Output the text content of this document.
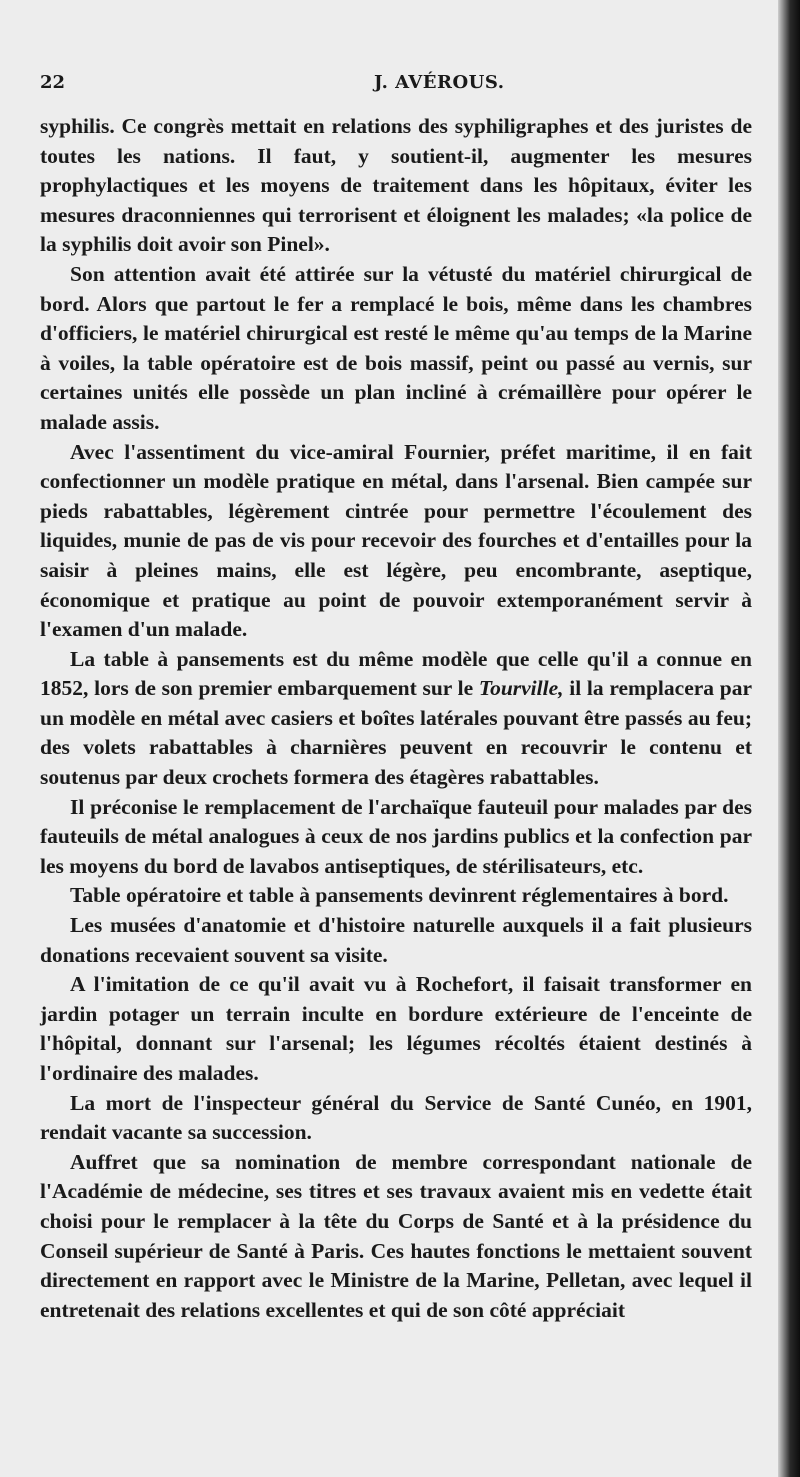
22	J. AVÉROUS.

syphilis. Ce congrès mettait en relations des syphiligraphes et des juristes de toutes les nations. Il faut, y soutient-il, augmenter les mesures prophylactiques et les moyens de traitement dans les hôpitaux, éviter les mesures draconniennes qui terrorisent et éloignent les malades; «la police de la syphilis doit avoir son Pinel».

Son attention avait été attirée sur la vétusté du matériel chirurgical de bord. Alors que partout le fer a remplacé le bois, même dans les chambres d'officiers, le matériel chirurgical est resté le même qu'au temps de la Marine à voiles, la table opératoire est de bois massif, peint ou passé au vernis, sur certaines unités elle possède un plan incliné à crémaillère pour opérer le malade assis.

Avec l'assentiment du vice-amiral Fournier, préfet maritime, il en fait confectionner un modèle pratique en métal, dans l'arsenal. Bien campée sur pieds rabattables, légèrement cintrée pour permettre l'écoulement des liquides, munie de pas de vis pour recevoir des fourches et d'entailles pour la saisir à pleines mains, elle est légère, peu encombrante, aseptique, économique et pratique au point de pouvoir extemporanément servir à l'examen d'un malade.

La table à pansements est du même modèle que celle qu'il a connue en 1852, lors de son premier embarquement sur le Tourville, il la remplacera par un modèle en métal avec casiers et boîtes latérales pouvant être passés au feu; des volets rabattables à charnières peuvent en recouvrir le contenu et soutenus par deux crochets formera des étagères rabattables.

Il préconise le remplacement de l'archaïque fauteuil pour malades par des fauteuils de métal analogues à ceux de nos jardins publics et la confection par les moyens du bord de lavabos antiseptiques, de stérilisateurs, etc.

Table opératoire et table à pansements devinrent réglementaires à bord.

Les musées d'anatomie et d'histoire naturelle auxquels il a fait plusieurs donations recevaient souvent sa visite.

A l'imitation de ce qu'il avait vu à Rochefort, il faisait transformer en jardin potager un terrain inculte en bordure extérieure de l'enceinte de l'hôpital, donnant sur l'arsenal; les légumes récoltés étaient destinés à l'ordinaire des malades.

La mort de l'inspecteur général du Service de Santé Cunéo, en 1901, rendait vacante sa succession.

Auffret que sa nomination de membre correspondant nationale de l'Académie de médecine, ses titres et ses travaux avaient mis en vedette était choisi pour le remplacer à la tête du Corps de Santé et à la présidence du Conseil supérieur de Santé à Paris. Ces hautes fonctions le mettaient souvent directement en rapport avec le Ministre de la Marine, Pelletan, avec lequel il entretenait des relations excellentes et qui de son côté appréciait
